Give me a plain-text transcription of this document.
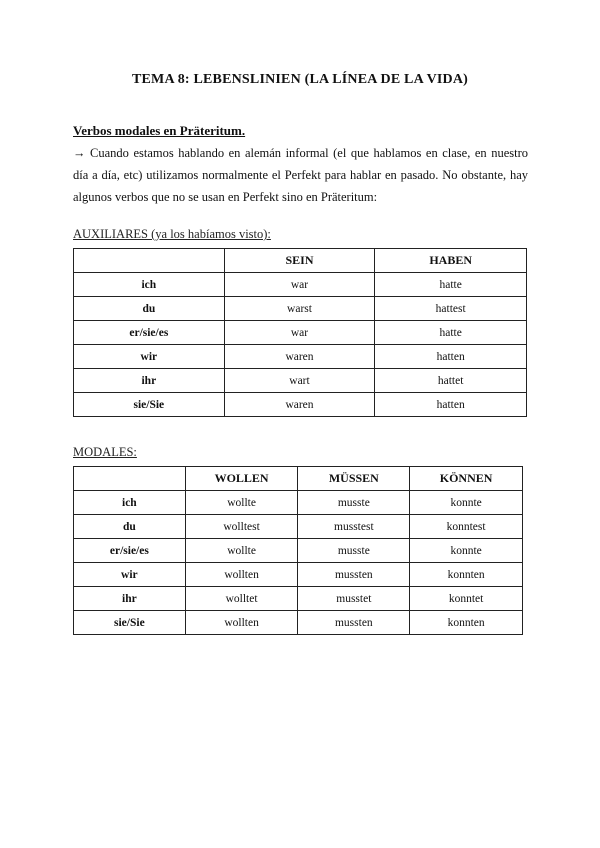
TEMA 8: LEBENSLINIEN (LA LÍNEA DE LA VIDA)
Verbos modales en Präteritum.
→ Cuando estamos hablando en alemán informal (el que hablamos en clase, en nuestro día a día, etc) utilizamos normalmente el Perfekt para hablar en pasado. No obstante, hay algunos verbos que no se usan en Perfekt sino en Präteritum:
AUXILIARES (ya los habíamos visto):
	SEIN	HABEN
ich	war	hatte
du	warst	hattest
er/sie/es	war	hatte
wir	waren	hatten
ihr	wart	hattet
sie/Sie	waren	hatten
MODALES:
	WOLLEN	MÜSSEN	KÖNNEN
ich	wollte	musste	konnte
du	wolltest	musstest	konntest
er/sie/es	wollte	musste	konnte
wir	wollten	mussten	konnten
ihr	wolltet	musstet	konntet
sie/Sie	wollten	mussten	konnten
